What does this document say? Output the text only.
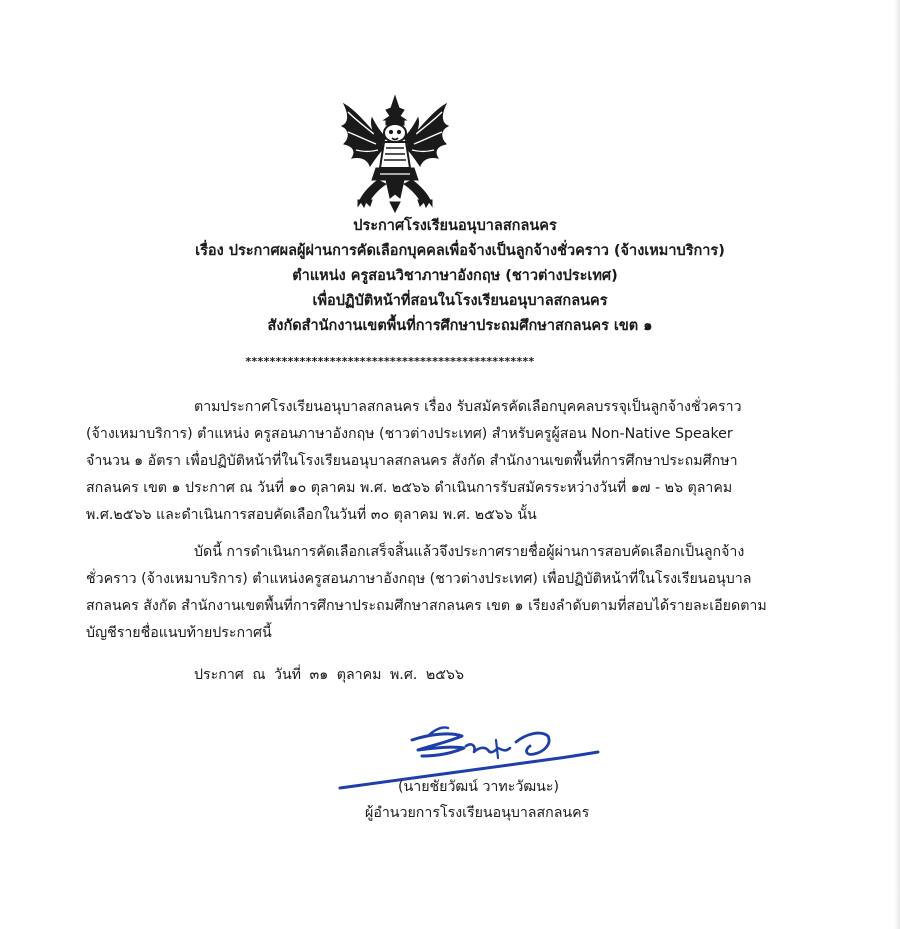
ประกาศโรงเรียนอนุบาลสกลนคร
เรื่อง ประกาศผลผู้ผ่านการคัดเลือกบุคคลเพื่อจ้างเป็นลูกจ้างชั่วคราว (จ้างเหมาบริการ)
ตำแหน่ง ครูสอนวิชาภาษาอังกฤษ (ชาวต่างประเทศ)
เพื่อปฏิบัติหน้าที่สอนในโรงเรียนอนุบาลสกลนคร
สังกัดสำนักงานเขตพื้นที่การศึกษาประถมศึกษาสกลนคร เขต ๑
************************************************
ตามประกาศโรงเรียนอนุบาลสกลนคร เรื่อง รับสมัครคัดเลือกบุคคลบรรจุเป็นลูกจ้างชั่วคราว
(จ้างเหมาบริการ) ตำแหน่ง ครูสอนภาษาอังกฤษ (ชาวต่างประเทศ) สำหรับครูผู้สอน Non-Native Speaker
จำนวน ๑ อัตรา เพื่อปฏิบัติหน้าที่ในโรงเรียนอนุบาลสกลนคร สังกัด สำนักงานเขตพื้นที่การศึกษาประถมศึกษา
สกลนคร เขต ๑ ประกาศ ณ วันที่ ๑๐ ตุลาคม พ.ศ. ๒๕๖๖ ดำเนินการรับสมัครระหว่างวันที่ ๑๗ - ๒๖ ตุลาคม
พ.ศ.๒๕๖๖ และดำเนินการสอบคัดเลือกในวันที่ ๓๐ ตุลาคม พ.ศ. ๒๕๖๖ นั้น
บัดนี้ การดำเนินการคัดเลือกเสร็จสิ้นแล้วจึงประกาศรายชื่อผู้ผ่านการสอบคัดเลือกเป็นลูกจ้าง
ชั่วคราว (จ้างเหมาบริการ) ตำแหน่งครูสอนภาษาอังกฤษ (ชาวต่างประเทศ) เพื่อปฏิบัติหน้าที่ในโรงเรียนอนุบาล
สกลนคร สังกัด สำนักงานเขตพื้นที่การศึกษาประถมศึกษาสกลนคร เขต ๑ เรียงลำดับตามที่สอบได้รายละเอียดตาม
บัญชีรายชื่อแนบท้ายประกาศนี้
ประกาศ ณ วันที่ ๓๑ ตุลาคม พ.ศ. ๒๕๖๖
(นายชัยวัฒน์ วาทะวัฒนะ)
ผู้อำนวยการโรงเรียนอนุบาลสกลนคร
